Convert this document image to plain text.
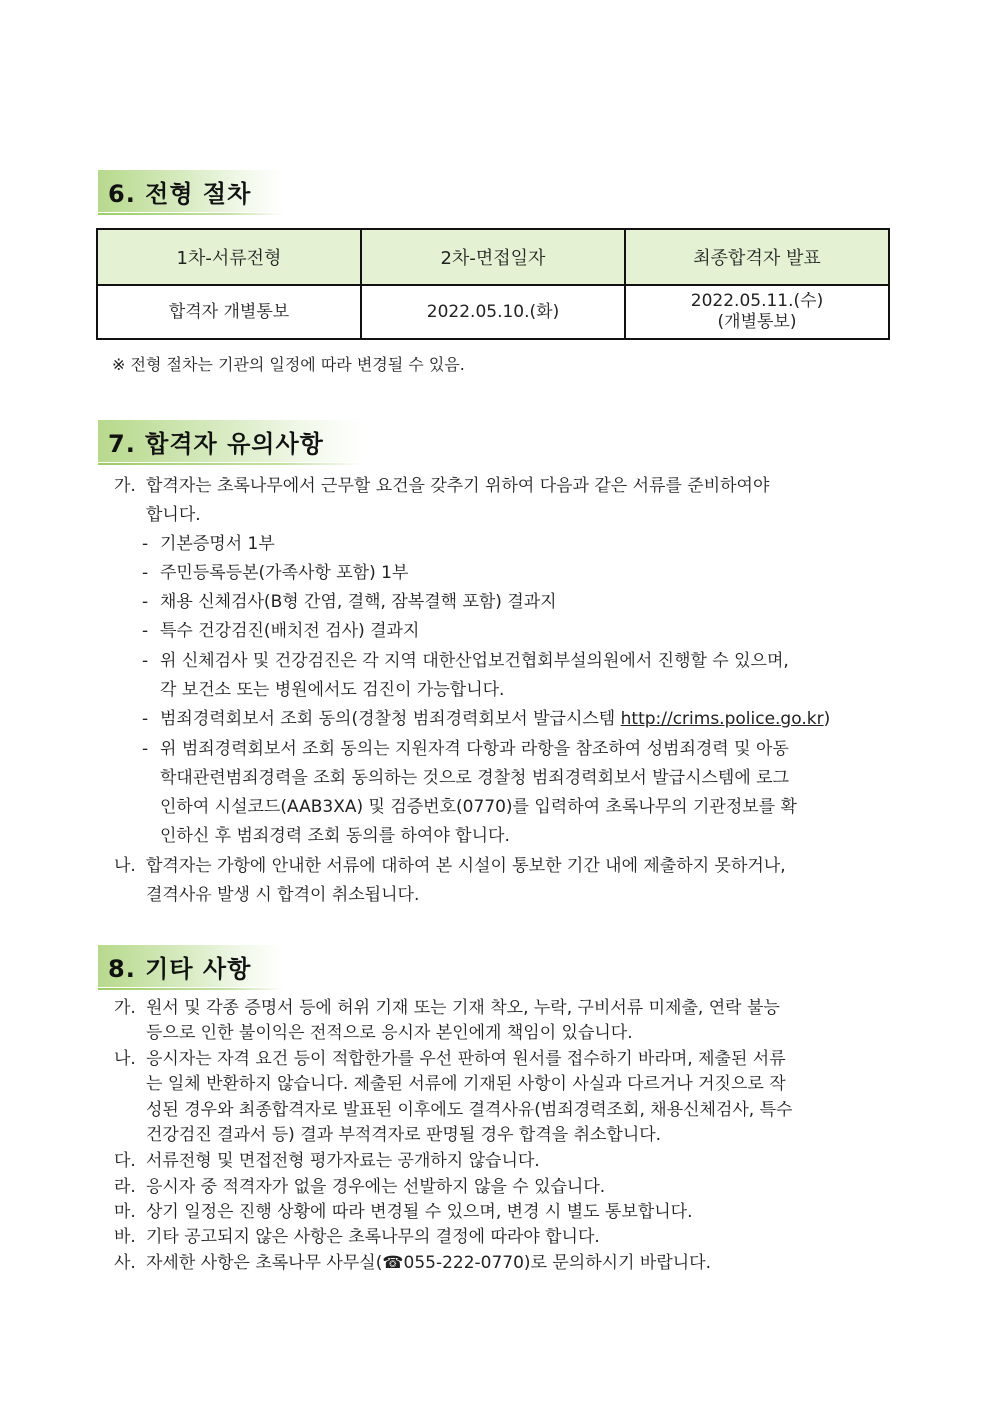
6. 전형 절차
1차-서류전형	2차-면접일자	최종합격자 발표
합격자 개별통보	2022.05.10.(화)	2022.05.11.(수)
(개별통보)
※ 전형 절차는 기관의 일정에 따라 변경될 수 있음.
7. 합격자 유의사항
가. 합격자는 초록나무에서 근무할 요건을 갖추기 위하여 다음과 같은 서류를 준비하여야
합니다.
- 기본증명서 1부
- 주민등록등본(가족사항 포함) 1부
- 채용 신체검사(B형 간염, 결핵, 잠복결핵 포함) 결과지
- 특수 건강검진(배치전 검사) 결과지
- 위 신체검사 및 건강검진은 각 지역 대한산업보건협회부설의원에서 진행할 수 있으며,
각 보건소 또는 병원에서도 검진이 가능합니다.
- 범죄경력회보서 조회 동의(경찰청 범죄경력회보서 발급시스템 http://crims.police.go.kr)
- 위 범죄경력회보서 조회 동의는 지원자격 다항과 라항을 참조하여 성범죄경력 및 아동
학대관련범죄경력을 조회 동의하는 것으로 경찰청 범죄경력회보서 발급시스템에 로그
인하여 시설코드(AAB3XA) 및 검증번호(0770)를 입력하여 초록나무의 기관정보를 확
인하신 후 범죄경력 조회 동의를 하여야 합니다.
나. 합격자는 가항에 안내한 서류에 대하여 본 시설이 통보한 기간 내에 제출하지 못하거나,
결격사유 발생 시 합격이 취소됩니다.
8. 기타 사항
가. 원서 및 각종 증명서 등에 허위 기재 또는 기재 착오, 누락, 구비서류 미제출, 연락 불능
등으로 인한 불이익은 전적으로 응시자 본인에게 책임이 있습니다.
나. 응시자는 자격 요건 등이 적합한가를 우선 판하여 원서를 접수하기 바라며, 제출된 서류
는 일체 반환하지 않습니다. 제출된 서류에 기재된 사항이 사실과 다르거나 거짓으로 작
성된 경우와 최종합격자로 발표된 이후에도 결격사유(범죄경력조회, 채용신체검사, 특수
건강검진 결과서 등) 결과 부적격자로 판명될 경우 합격을 취소합니다.
다. 서류전형 및 면접전형 평가자료는 공개하지 않습니다.
라. 응시자 중 적격자가 없을 경우에는 선발하지 않을 수 있습니다.
마. 상기 일정은 진행 상황에 따라 변경될 수 있으며, 변경 시 별도 통보합니다.
바. 기타 공고되지 않은 사항은 초록나무의 결정에 따라야 합니다.
사. 자세한 사항은 초록나무 사무실(☎055-222-0770)로 문의하시기 바랍니다.
